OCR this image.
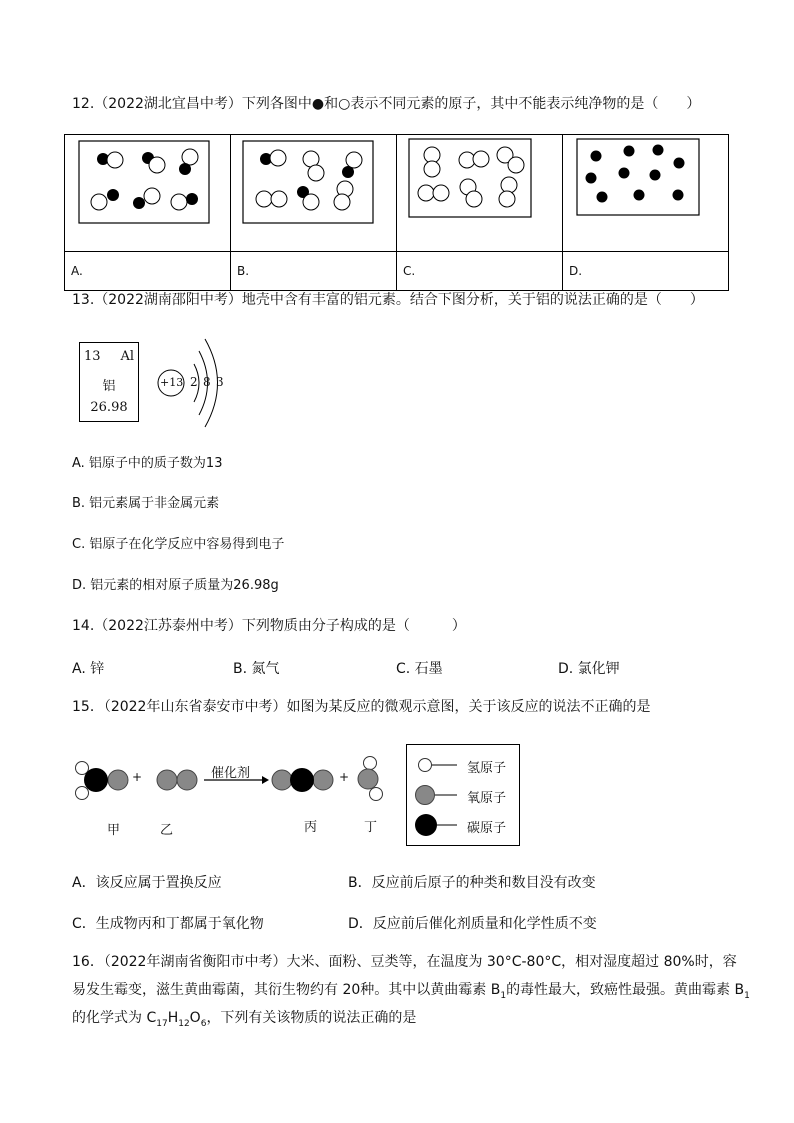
12.（2022湖北宜昌中考）下列各图中●和○表示不同元素的原子，其中不能表示纯净物的是（　　）

A.	B.	C.	D.
13.（2022湖南邵阳中考）地壳中含有丰富的铝元素。结合下图分析，关于铝的说法正确的是（　　）
13 Al
铝
26.98
+13 2 8 3
A. 铝原子中的质子数为13
B. 铝元素属于非金属元素
C. 铝原子在化学反应中容易得到电子
D. 铝元素的相对原子质量为26.98g
14.（2022江苏泰州中考）下列物质由分子构成的是（　　　）
A. 锌	B. 氮气	C. 石墨	D. 氯化钾
15．（2022年山东省泰安市中考）如图为某反应的微观示意图，关于该反应的说法不正确的是
+	+
催化剂
甲	乙	丙	丁
氢原子
氧原子
碳原子
A．该反应属于置换反应	B．反应前后原子的种类和数目没有改变
C．生成物丙和丁都属于氧化物	D．反应前后催化剂质量和化学性质不变
16．（2022年湖南省衡阳市中考）大米、面粉、豆类等，在温度为 30°C-80°C，相对湿度超过 80%时，容
易发生霉变，滋生黄曲霉菌，其衍生物约有 20种。其中以黄曲霉素 $B_1$的毒性最大，致癌性最强。黄曲霉素 $B_1$
的化学式为 $C_{17}H_{12}O_6$，下列有关该物质的说法正确的是
